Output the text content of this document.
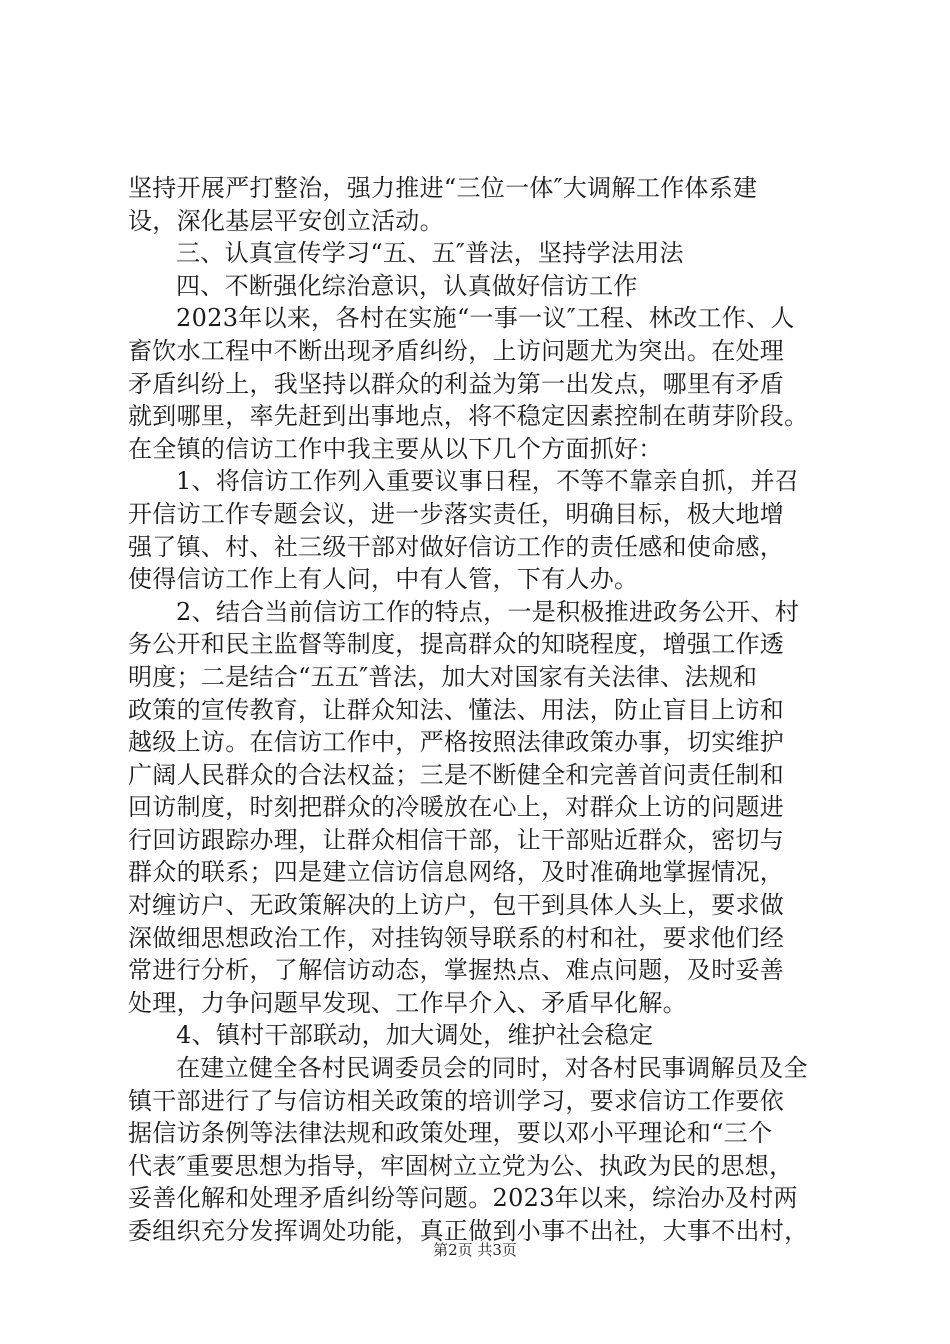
坚持开展严打整治，强力推进“三位一体″大调解工作体系建
设，深化基层平安创立活动。
三、认真宣传学习“五、五″普法，坚持学法用法
四、不断强化综治意识，认真做好信访工作
2023年以来，各村在实施“一事一议″工程、林改工作、人
畜饮水工程中不断出现矛盾纠纷，上访问题尤为突出。在处理
矛盾纠纷上，我坚持以群众的利益为第一出发点，哪里有矛盾
就到哪里，率先赶到出事地点，将不稳定因素控制在萌芽阶段。
在全镇的信访工作中我主要从以下几个方面抓好：
1、将信访工作列入重要议事日程，不等不靠亲自抓，并召
开信访工作专题会议，进一步落实责任，明确目标，极大地增
强了镇、村、社三级干部对做好信访工作的责任感和使命感，
使得信访工作上有人问，中有人管，下有人办。
2、结合当前信访工作的特点，一是积极推进政务公开、村
务公开和民主监督等制度，提高群众的知晓程度，增强工作透
明度；二是结合“五五″普法，加大对国家有关法律、法规和
政策的宣传教育，让群众知法、懂法、用法，防止盲目上访和
越级上访。在信访工作中，严格按照法律政策办事，切实维护
广阔人民群众的合法权益；三是不断健全和完善首问责任制和
回访制度，时刻把群众的冷暖放在心上，对群众上访的问题进
行回访跟踪办理，让群众相信干部，让干部贴近群众，密切与
群众的联系；四是建立信访信息网络，及时准确地掌握情况，
对缠访户、无政策解决的上访户，包干到具体人头上，要求做
深做细思想政治工作，对挂钩领导联系的村和社，要求他们经
常进行分析，了解信访动态，掌握热点、难点问题，及时妥善
处理，力争问题早发现、工作早介入、矛盾早化解。
4、镇村干部联动，加大调处，维护社会稳定
在建立健全各村民调委员会的同时，对各村民事调解员及全
镇干部进行了与信访相关政策的培训学习，要求信访工作要依
据信访条例等法律法规和政策处理，要以邓小平理论和“三个
代表″重要思想为指导，牢固树立立党为公、执政为民的思想，
妥善化解和处理矛盾纠纷等问题。2023年以来，综治办及村两
委组织充分发挥调处功能，真正做到小事不出社，大事不出村，
第2页 共3页
